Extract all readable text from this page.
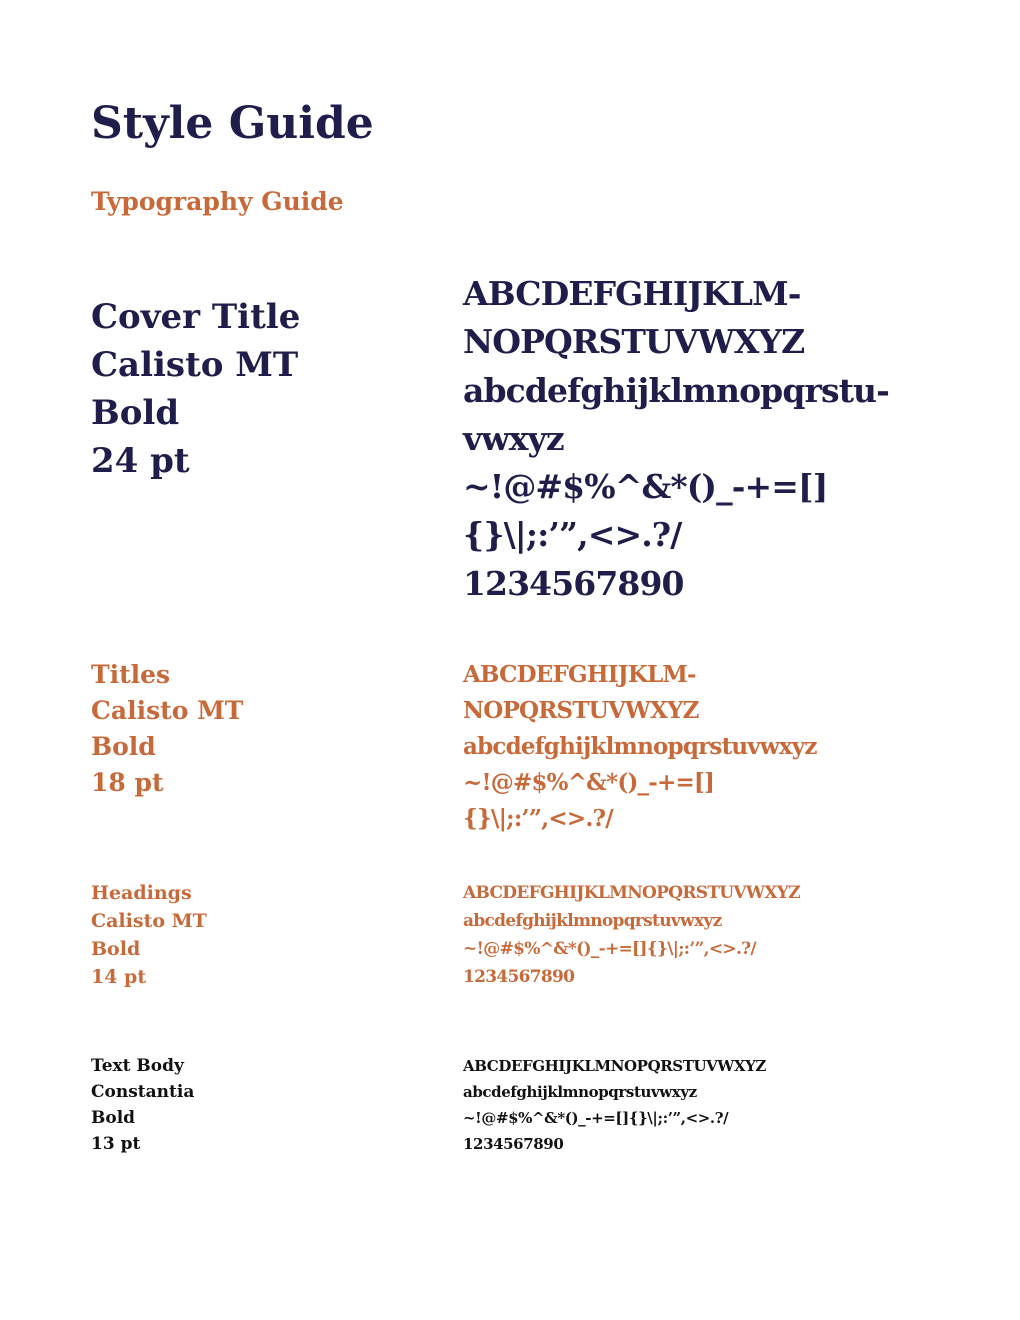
Style Guide
Typography Guide
Cover Title
Calisto MT
Bold
24 pt
ABCDEFGHIJKLM-
NOPQRSTUVWXYZ
abcdefghijklmnopqrstu-
vwxyz
~!@#$%^&*()_-+=[]
{}\|;:’”,<>.?/
1234567890
Titles
Calisto MT
Bold
18 pt
ABCDEFGHIJKLM-
NOPQRSTUVWXYZ
abcdefghijklmnopqrstuvwxyz
~!@#$%^&*()_-+=[]
{}\|;:’”,<>.?/
Headings
Calisto MT
Bold
14 pt
ABCDEFGHIJKLMNOPQRSTUVWXYZ
abcdefghijklmnopqrstuvwxyz
~!@#$%^&*()_-+=[]{}\|;:’”,<>.?/
1234567890
Text Body
Constantia
Bold
13 pt
ABCDEFGHIJKLMNOPQRSTUVWXYZ
abcdefghijklmnopqrstuvwxyz
~!@#$%^&*()_-+=[]{}\|;:’”,<>.?/
1234567890
